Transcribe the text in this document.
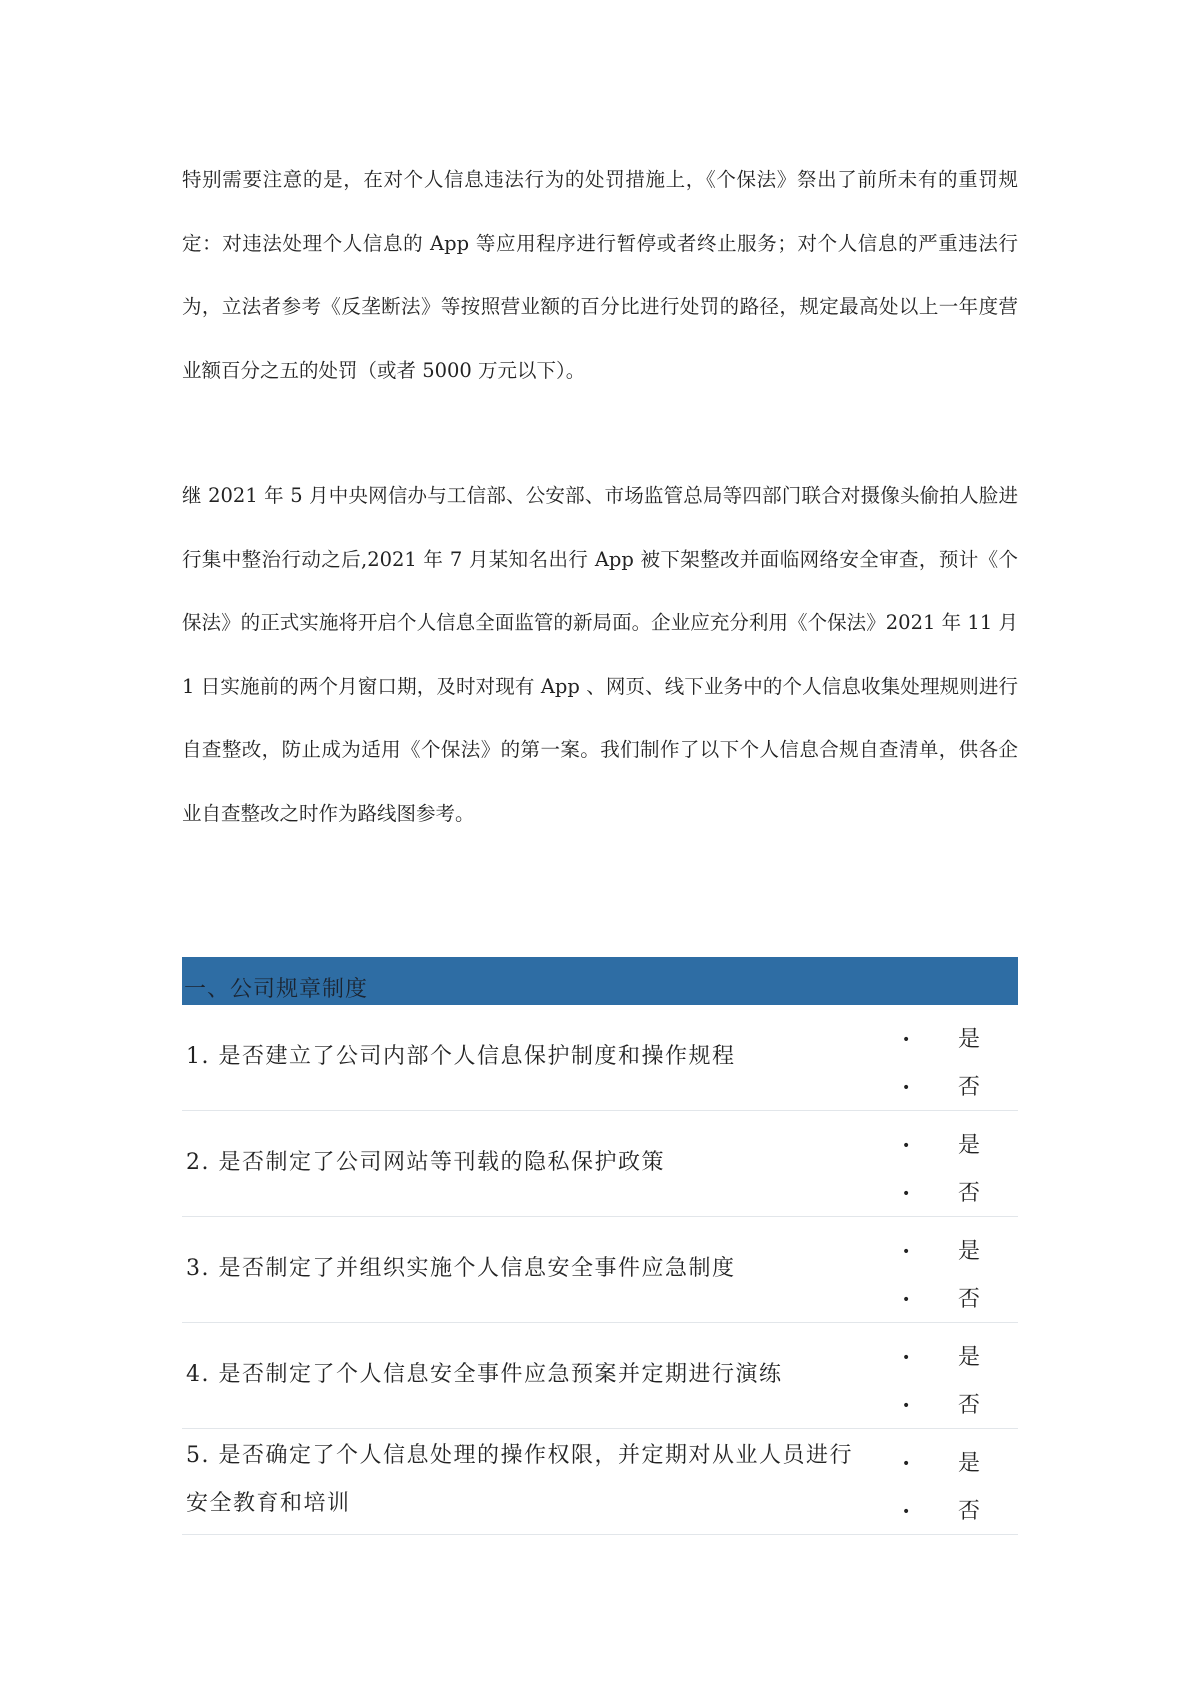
特别需要注意的是，在对个人信息违法行为的处罚措施上，《个保法》祭出了前所未有的重罚规定：对违法处理个人信息的 App 等应用程序进行暂停或者终止服务；对个人信息的严重违法行为，立法者参考《反垄断法》等按照营业额的百分比进行处罚的路径，规定最高处以上一年度营业额百分之五的处罚（或者 5000 万元以下）。

继 2021 年 5 月中央网信办与工信部、公安部、市场监管总局等四部门联合对摄像头偷拍人脸进行集中整治行动之后,2021 年 7 月某知名出行 App 被下架整改并面临网络安全审查，预计《个保法》的正式实施将开启个人信息全面监管的新局面。企业应充分利用《个保法》2021 年 11 月 1 日实施前的两个月窗口期，及时对现有 App 、网页、线下业务中的个人信息收集处理规则进行自查整改，防止成为适用《个保法》的第一案。我们制作了以下个人信息合规自查清单，供各企业自查整改之时作为路线图参考。

一、公司规章制度
1. 是否建立了公司内部个人信息保护制度和操作规程
• 是
• 否
2. 是否制定了公司网站等刊载的隐私保护政策
• 是
• 否
3. 是否制定了并组织实施个人信息安全事件应急制度
• 是
• 否
4. 是否制定了个人信息安全事件应急预案并定期进行演练
• 是
• 否
5. 是否确定了个人信息处理的操作权限，并定期对从业人员进行安全教育和培训
• 是
• 否
